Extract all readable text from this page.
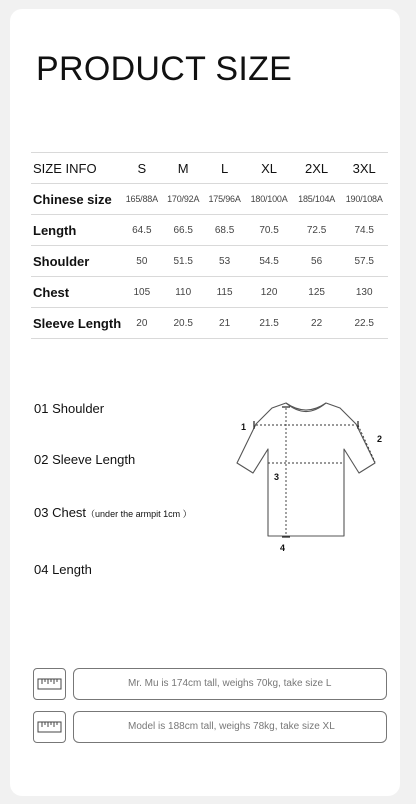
PRODUCT SIZE
SIZE INFO	S	M	L	XL	2XL	3XL
Chinese size	165/88A	170/92A	175/96A	180/100A	185/104A	190/108A
Length	64.5	66.5	68.5	70.5	72.5	74.5
Shoulder	50	51.5	53	54.5	56	57.5
Chest	105	110	115	120	125	130
Sleeve Length	20	20.5	21	21.5	22	22.5
01 Shoulder
02 Sleeve Length
03 Chest（under the armpit 1cm ）
04 Length
1
2
3
4
Mr. Mu is 174cm tall, weighs 70kg, take size L
Model is 188cm tall, weighs 78kg, take size XL
